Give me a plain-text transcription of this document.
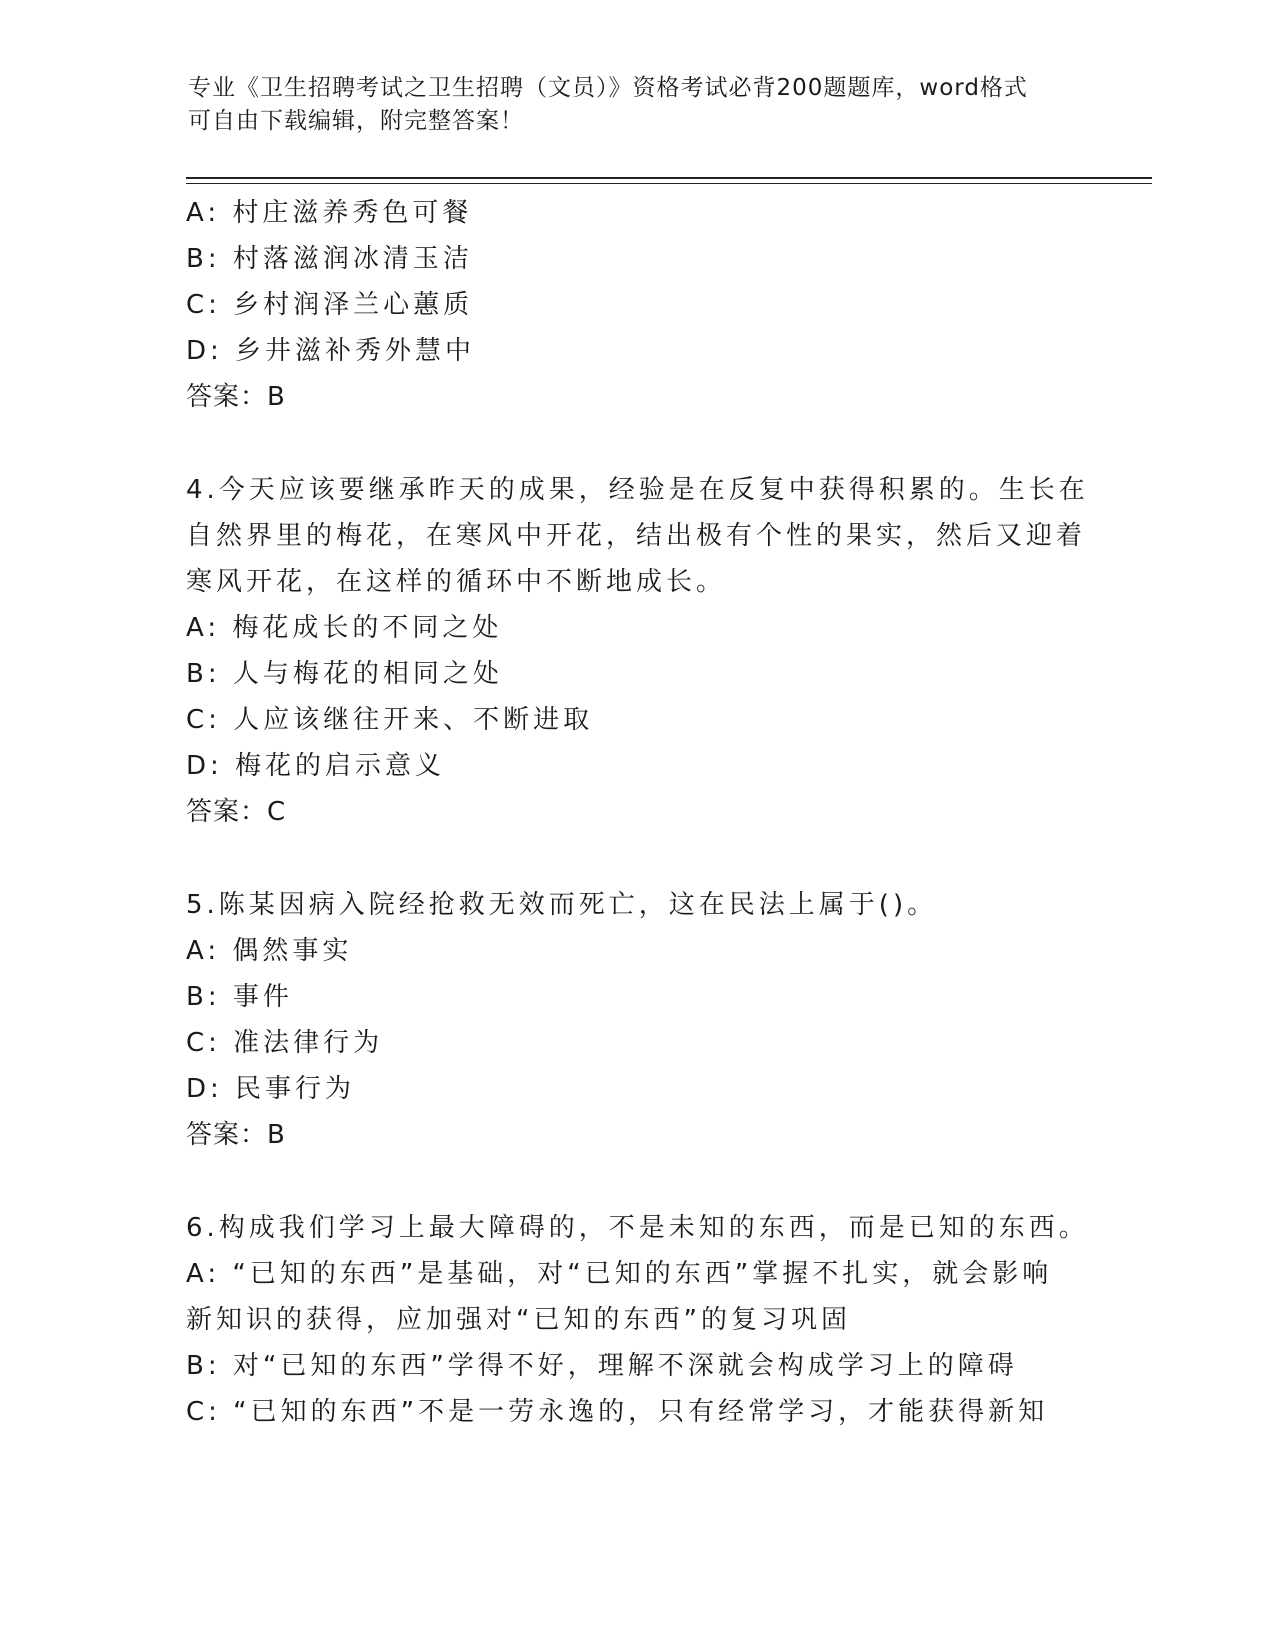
专业《卫生招聘考试之卫生招聘（文员）》资格考试必背200题题库，word格式
可自由下载编辑，附完整答案！
A: 村庄滋养秀色可餐
B: 村落滋润冰清玉洁
C: 乡村润泽兰心蕙质
D: 乡井滋补秀外慧中
答案：B
4.今天应该要继承昨天的成果，经验是在反复中获得积累的。生长在
自然界里的梅花，在寒风中开花，结出极有个性的果实，然后又迎着
寒风开花，在这样的循环中不断地成长。
A: 梅花成长的不同之处
B: 人与梅花的相同之处
C: 人应该继往开来、不断进取
D: 梅花的启示意义
答案：C
5.陈某因病入院经抢救无效而死亡，这在民法上属于()。
A: 偶然事实
B: 事件
C: 准法律行为
D: 民事行为
答案：B
6.构成我们学习上最大障碍的，不是未知的东西，而是已知的东西。
A: “已知的东西”是基础，对“已知的东西”掌握不扎实，就会影响
新知识的获得，应加强对“已知的东西”的复习巩固
B: 对“已知的东西”学得不好，理解不深就会构成学习上的障碍
C: “已知的东西”不是一劳永逸的，只有经常学习，才能获得新知
